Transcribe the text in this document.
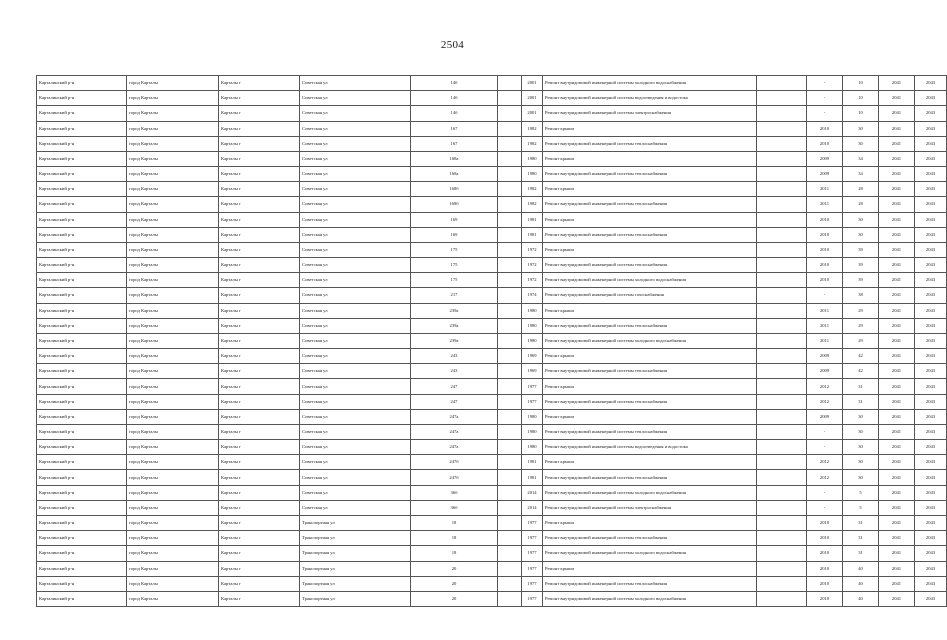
2504
Карталинский р-н	город Карталы	Карталы г	Советская ул	14б		2001	Ремонт внутридомовой инженерной системы холодного водоснабжения		-	10	2041	2043
Карталинский р-н	город Карталы	Карталы г	Советская ул	14б		2001	Ремонт внутридомовой инженерной системы водоотведения и водостока		-	10	2041	2043
Карталинский р-н	город Карталы	Карталы г	Советская ул	14б		2001	Ремонт внутридомовой инженерной системы электроснабжения		-	10	2041	2043
Карталинский р-н	город Карталы	Карталы г	Советская ул	167		1982	Ремонт крыши		2010	30	2041	2043
Карталинский р-н	город Карталы	Карталы г	Советская ул	167		1982	Ремонт внутридомовой инженерной системы теплоснабжения		2010	30	2041	2043
Карталинский р-н	город Карталы	Карталы г	Советская ул	168а		1980	Ремонт крыши		2009	34	2041	2043
Карталинский р-н	город Карталы	Карталы г	Советская ул	168а		1980	Ремонт внутридомовой инженерной системы теплоснабжения		2009	34	2041	2043
Карталинский р-н	город Карталы	Карталы г	Советская ул	168б		1982	Ремонт крыши		2011	28	2041	2043
Карталинский р-н	город Карталы	Карталы г	Советская ул	168б		1982	Ремонт внутридомовой инженерной системы теплоснабжения		2011	28	2041	2043
Карталинский р-н	город Карталы	Карталы г	Советская ул	169		1981	Ремонт крыши		2010	30	2041	2043
Карталинский р-н	город Карталы	Карталы г	Советская ул	169		1981	Ремонт внутридомовой инженерной системы теплоснабжения		2010	30	2041	2043
Карталинский р-н	город Карталы	Карталы г	Советская ул	175		1972	Ремонт крыши		2010	39	2041	2043
Карталинский р-н	город Карталы	Карталы г	Советская ул	175		1972	Ремонт внутридомовой инженерной системы теплоснабжения		2010	39	2041	2043
Карталинский р-н	город Карталы	Карталы г	Советская ул	175		1972	Ремонт внутридомовой инженерной системы холодного водоснабжения		2010	39	2041	2043
Карталинский р-н	город Карталы	Карталы г	Советская ул	217		1974	Ремонт внутридомовой инженерной системы газоснабжения		-	38	2041	2043
Карталинский р-н	город Карталы	Карталы г	Советская ул	239а		1980	Ремонт крыши		2011	29	2041	2043
Карталинский р-н	город Карталы	Карталы г	Советская ул	239а		1980	Ремонт внутридомовой инженерной системы теплоснабжения		2011	29	2041	2043
Карталинский р-н	город Карталы	Карталы г	Советская ул	239а		1980	Ремонт внутридомовой инженерной системы холодного водоснабжения		2011	29	2041	2043
Карталинский р-н	город Карталы	Карталы г	Советская ул	243		1969	Ремонт крыши		2009	42	2041	2043
Карталинский р-н	город Карталы	Карталы г	Советская ул	243		1969	Ремонт внутридомовой инженерной системы теплоснабжения		2009	42	2041	2043
Карталинский р-н	город Карталы	Карталы г	Советская ул	247		1977	Ремонт крыши		2012	31	2041	2043
Карталинский р-н	город Карталы	Карталы г	Советская ул	247		1977	Ремонт внутридомовой инженерной системы теплоснабжения		2012	31	2041	2043
Карталинский р-н	город Карталы	Карталы г	Советская ул	247а		1980	Ремонт крыши		2009	30	2041	2043
Карталинский р-н	город Карталы	Карталы г	Советская ул	247а		1980	Ремонт внутридомовой инженерной системы теплоснабжения		-	30	2041	2043
Карталинский р-н	город Карталы	Карталы г	Советская ул	247а		1980	Ремонт внутридомовой инженерной системы водоотведения и водостока		-	30	2041	2043
Карталинский р-н	город Карталы	Карталы г	Советская ул	247б		1981	Ремонт крыши		2012	30	2041	2043
Карталинский р-н	город Карталы	Карталы г	Советская ул	247б		1981	Ремонт внутридомовой инженерной системы теплоснабжения		2012	30	2041	2043
Карталинский р-н	город Карталы	Карталы г	Советская ул	36б		2014	Ремонт внутридомовой инженерной системы холодного водоснабжения		-	5	2041	2043
Карталинский р-н	город Карталы	Карталы г	Советская ул	36б		2014	Ремонт внутридомовой инженерной системы электроснабжения		-	5	2041	2043
Карталинский р-н	город Карталы	Карталы г	Транспортная ул	18		1977	Ремонт крыши		2010	31	2041	2043
Карталинский р-н	город Карталы	Карталы г	Транспортная ул	18		1977	Ремонт внутридомовой инженерной системы теплоснабжения		2010	31	2041	2043
Карталинский р-н	город Карталы	Карталы г	Транспортная ул	18		1977	Ремонт внутридомовой инженерной системы холодного водоснабжения		2010	31	2041	2043
Карталинский р-н	город Карталы	Карталы г	Транспортная ул	20		1977	Ремонт крыши		2010	40	2041	2043
Карталинский р-н	город Карталы	Карталы г	Транспортная ул	20		1977	Ремонт внутридомовой инженерной системы теплоснабжения		2010	40	2041	2043
Карталинский р-н	город Карталы	Карталы г	Транспортная ул	20		1977	Ремонт внутридомовой инженерной системы холодного водоснабжения		2010	40	2041	2043
